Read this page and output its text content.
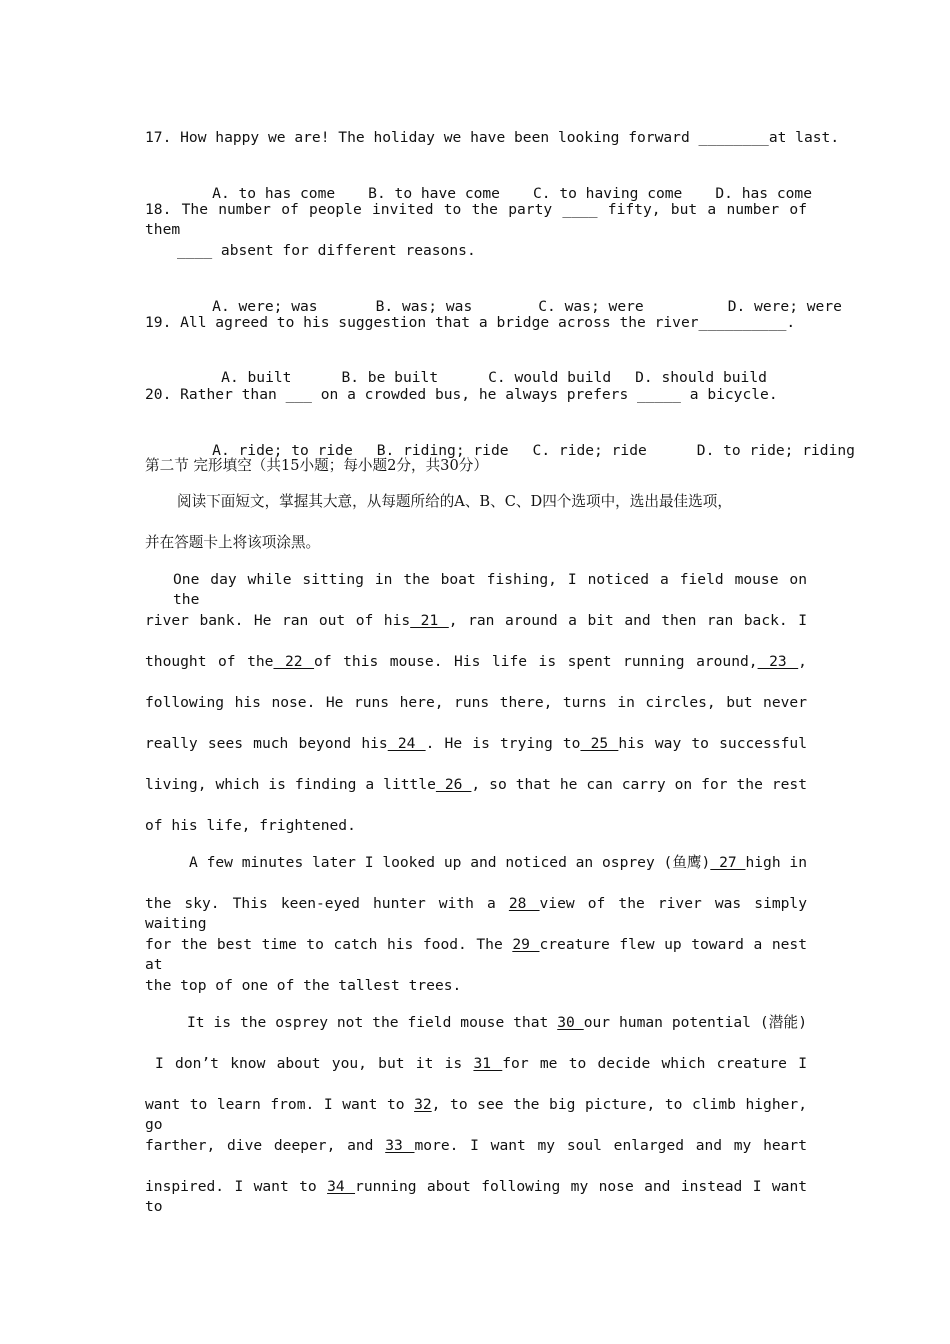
17. How happy we are! The holiday we have been looking forward ________at last.

A. to has come B. to have come C. to having come D. has come

18. The number of people invited to the party ____ fifty, but a number of them
____ absent for different reasons.

A. were; was	B. was; was	C. was; were	D. were; were

19. All agreed to his suggestion that a bridge across the river__________.

A. built	B. be built	C. would build D. should build

20. Rather than ___ on a crowded bus, he always prefers _____ a bicycle.

A. ride; to ride B. riding; ride C. ride; ride	D. to ride; riding

第二节 完形填空（共15小题；每小题2分，共30分）
阅读下面短文，掌握其大意，从每题所给的A、B、C、D四个选项中，选出最佳选项，
并在答题卡上将该项涂黑。
One day while sitting in the boat fishing, I noticed a field mouse on the
river bank. He ran out of his 21 , ran around a bit and then ran back. I
thought of the 22 of this mouse. His life is spent running around, 23 ,
following his nose. He runs here, runs there, turns in circles, but never
really sees much beyond his 24 . He is trying to 25 his way to successful
living, which is finding a little 26 , so that he can carry on for the rest
of his life, frightened.
A few minutes later I looked up and noticed an osprey (鱼鹰) 27 high in
the sky. This keen-eyed hunter with a 28 view of the river was simply waiting
for the best time to catch his food. The 29 creature flew up toward a nest at
the top of one of the tallest trees.
It is the osprey not the field mouse that 30 our human potential (潜能)
I don’t know about you, but it is 31 for me to decide which creature I
want to learn from. I want to 32, to see the big picture, to climb higher, go
farther, dive deeper, and 33 more. I want my soul enlarged and my heart
inspired. I want to 34 running about following my nose and instead I want to
